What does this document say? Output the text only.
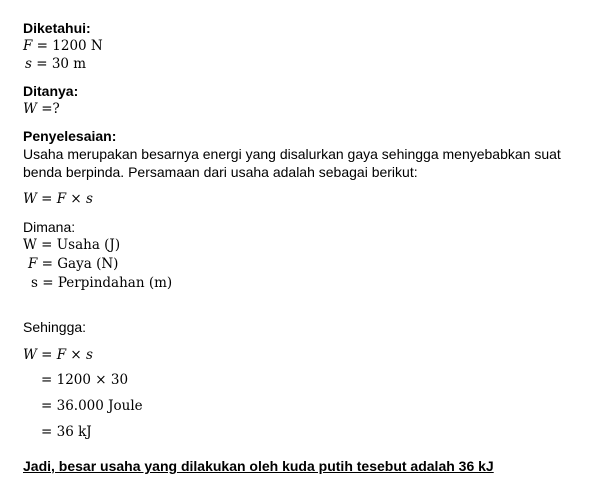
Diketahui:
F = 1200 N
s = 30 m
Ditanya:
W =?
Penyelesaian:
Usaha merupakan besarnya energi yang disalurkan gaya sehingga menyebabkan suat
benda berpinda. Persamaan dari usaha adalah sebagai berikut:
W = F × s
Dimana:
W = Usaha (J)
F = Gaya (N)
s = Perpindahan (m)
Sehingga:
W = F × s
= 1200 × 30
= 36.000 Joule
= 36 kJ
Jadi, besar usaha yang dilakukan oleh kuda putih tesebut adalah 36 kJ
